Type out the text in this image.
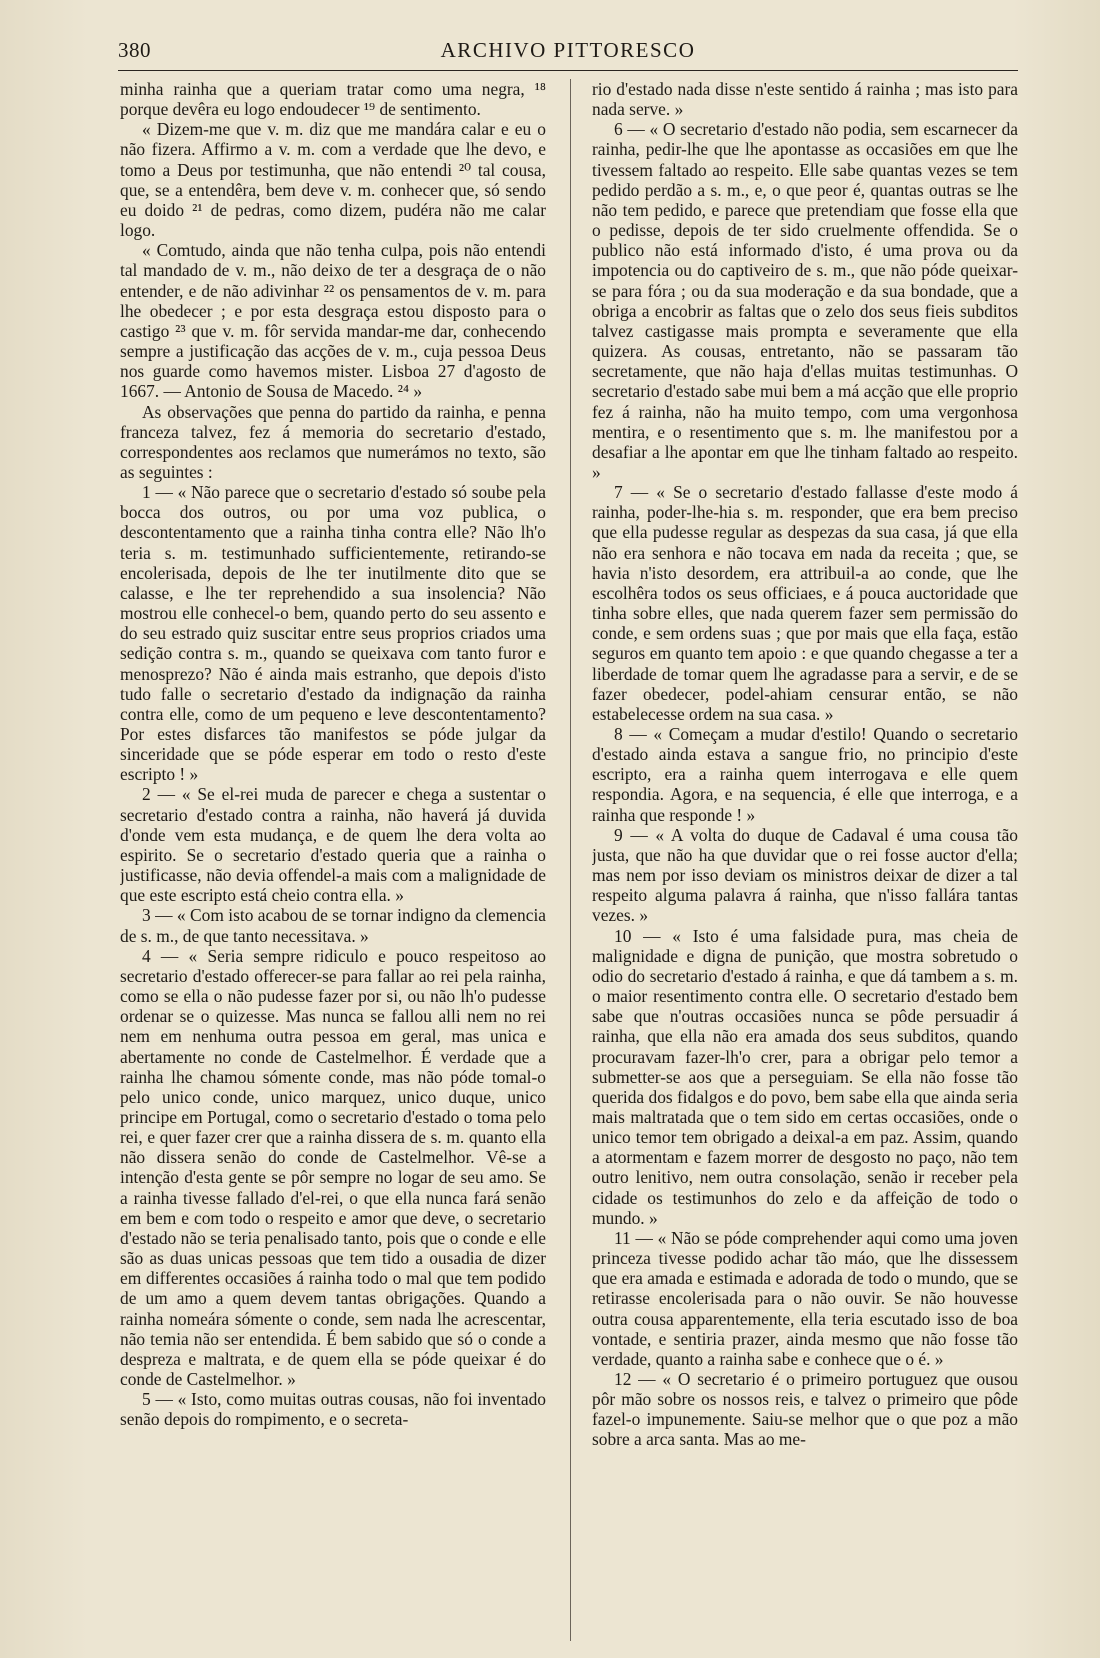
380	ARCHIVO PITTORESCO

minha rainha que a queriam tratar como uma negra, ¹⁸ porque devêra eu logo endoudecer ¹⁹ de sentimento.

« Dizem-me que v. m. diz que me mandára calar e eu o não fizera. Affirmo a v. m. com a verdade que lhe devo, e tomo a Deus por testimunha, que não entendi ²⁰ tal cousa, que, se a entendêra, bem deve v. m. conhecer que, só sendo eu doido ²¹ de pedras, como dizem, pudéra não me calar logo.

« Comtudo, ainda que não tenha culpa, pois não entendi tal mandado de v. m., não deixo de ter a desgraça de o não entender, e de não adivinhar ²² os pensamentos de v. m. para lhe obedecer ; e por esta desgraça estou disposto para o castigo ²³ que v. m. fôr servida mandar-me dar, conhecendo sempre a justificação das acções de v. m., cuja pessoa Deus nos guarde como havemos mister. Lisboa 27 d'agosto de 1667. — Antonio de Sousa de Macedo. ²⁴ »

As observações que penna do partido da rainha, e penna franceza talvez, fez á memoria do secretario d'estado, correspondentes aos reclamos que numerámos no texto, são as seguintes :

1 — « Não parece que o secretario d'estado só soube pela bocca dos outros, ou por uma voz publica, o descontentamento que a rainha tinha contra elle? Não lh'o teria s. m. testimunhado sufficientemente, retirando-se encolerisada, depois de lhe ter inutilmente dito que se calasse, e lhe ter reprehendido a sua insolencia? Não mostrou elle conhecel-o bem, quando perto do seu assento e do seu estrado quiz suscitar entre seus proprios criados uma sedição contra s. m., quando se queixava com tanto furor e menosprezo? Não é ainda mais estranho, que depois d'isto tudo falle o secretario d'estado da indignação da rainha contra elle, como de um pequeno e leve descontentamento? Por estes disfarces tão manifestos se póde julgar da sinceridade que se póde esperar em todo o resto d'este escripto ! »

2 — « Se el-rei muda de parecer e chega a sustentar o secretario d'estado contra a rainha, não haverá já duvida d'onde vem esta mudança, e de quem lhe dera volta ao espirito. Se o secretario d'estado queria que a rainha o justificasse, não devia offendel-a mais com a malignidade de que este escripto está cheio contra ella. »

3 — « Com isto acabou de se tornar indigno da clemencia de s. m., de que tanto necessitava. »

4 — « Seria sempre ridiculo e pouco respeitoso ao secretario d'estado offerecer-se para fallar ao rei pela rainha, como se ella o não pudesse fazer por si, ou não lh'o pudesse ordenar se o quizesse. Mas nunca se fallou alli nem no rei nem em nenhuma outra pessoa em geral, mas unica e abertamente no conde de Castelmelhor. É verdade que a rainha lhe chamou sómente conde, mas não póde tomal-o pelo unico conde, unico marquez, unico duque, unico principe em Portugal, como o secretario d'estado o toma pelo rei, e quer fazer crer que a rainha dissera de s. m. quanto ella não dissera senão do conde de Castelmelhor. Vê-se a intenção d'esta gente se pôr sempre no logar de seu amo. Se a rainha tivesse fallado d'el-rei, o que ella nunca fará senão em bem e com todo o respeito e amor que deve, o secretario d'estado não se teria penalisado tanto, pois que o conde e elle são as duas unicas pessoas que tem tido a ousadia de dizer em differentes occasiões á rainha todo o mal que tem podido de um amo a quem devem tantas obrigações. Quando a rainha nomeára sómente o conde, sem nada lhe acrescentar, não temia não ser entendida. É bem sabido que só o conde a despreza e maltrata, e de quem ella se póde queixar é do conde de Castelmelhor. »

5 — « Isto, como muitas outras cousas, não foi inventado senão depois do rompimento, e o secreta-

rio d'estado nada disse n'este sentido á rainha ; mas isto para nada serve. »

6 — « O secretario d'estado não podia, sem escarnecer da rainha, pedir-lhe que lhe apontasse as occasiões em que lhe tivessem faltado ao respeito. Elle sabe quantas vezes se tem pedido perdão a s. m., e, o que peor é, quantas outras se lhe não tem pedido, e parece que pretendiam que fosse ella que o pedisse, depois de ter sido cruelmente offendida. Se o publico não está informado d'isto, é uma prova ou da impotencia ou do captiveiro de s. m., que não póde queixar-se para fóra ; ou da sua moderação e da sua bondade, que a obriga a encobrir as faltas que o zelo dos seus fieis subditos talvez castigasse mais prompta e severamente que ella quizera. As cousas, entretanto, não se passaram tão secretamente, que não haja d'ellas muitas testimunhas. O secretario d'estado sabe mui bem a má acção que elle proprio fez á rainha, não ha muito tempo, com uma vergonhosa mentira, e o resentimento que s. m. lhe manifestou por a desafiar a lhe apontar em que lhe tinham faltado ao respeito. »

7 — « Se o secretario d'estado fallasse d'este modo á rainha, poder-lhe-hia s. m. responder, que era bem preciso que ella pudesse regular as despezas da sua casa, já que ella não era senhora e não tocava em nada da receita ; que, se havia n'isto desordem, era attribuil-a ao conde, que lhe escolhêra todos os seus officiaes, e á pouca auctoridade que tinha sobre elles, que nada querem fazer sem permissão do conde, e sem ordens suas ; que por mais que ella faça, estão seguros em quanto tem apoio : e que quando chegasse a ter a liberdade de tomar quem lhe agradasse para a servir, e de se fazer obedecer, podel-ahiam censurar então, se não estabelecesse ordem na sua casa. »

8 — « Começam a mudar d'estilo! Quando o secretario d'estado ainda estava a sangue frio, no principio d'este escripto, era a rainha quem interrogava e elle quem respondia. Agora, e na sequencia, é elle que interroga, e a rainha que responde ! »

9 — « A volta do duque de Cadaval é uma cousa tão justa, que não ha que duvidar que o rei fosse auctor d'ella; mas nem por isso deviam os ministros deixar de dizer a tal respeito alguma palavra á rainha, que n'isso fallára tantas vezes. »

10 — « Isto é uma falsidade pura, mas cheia de malignidade e digna de punição, que mostra sobretudo o odio do secretario d'estado á rainha, e que dá tambem a s. m. o maior resentimento contra elle. O secretario d'estado bem sabe que n'outras occasiões nunca se pôde persuadir á rainha, que ella não era amada dos seus subditos, quando procuravam fazer-lh'o crer, para a obrigar pelo temor a submetter-se aos que a perseguiam. Se ella não fosse tão querida dos fidalgos e do povo, bem sabe ella que ainda seria mais maltratada que o tem sido em certas occasiões, onde o unico temor tem obrigado a deixal-a em paz. Assim, quando a atormentam e fazem morrer de desgosto no paço, não tem outro lenitivo, nem outra consolação, senão ir receber pela cidade os testimunhos do zelo e da affeição de todo o mundo. »

11 — « Não se póde comprehender aqui como uma joven princeza tivesse podido achar tão máo, que lhe dissessem que era amada e estimada e adorada de todo o mundo, que se retirasse encolerisada para o não ouvir. Se não houvesse outra cousa apparentemente, ella teria escutado isso de boa vontade, e sentiria prazer, ainda mesmo que não fosse tão verdade, quanto a rainha sabe e conhece que o é. »

12 — « O secretario é o primeiro portuguez que ousou pôr mão sobre os nossos reis, e talvez o primeiro que pôde fazel-o impunemente. Saiu-se melhor que o que poz a mão sobre a arca santa. Mas ao me-
